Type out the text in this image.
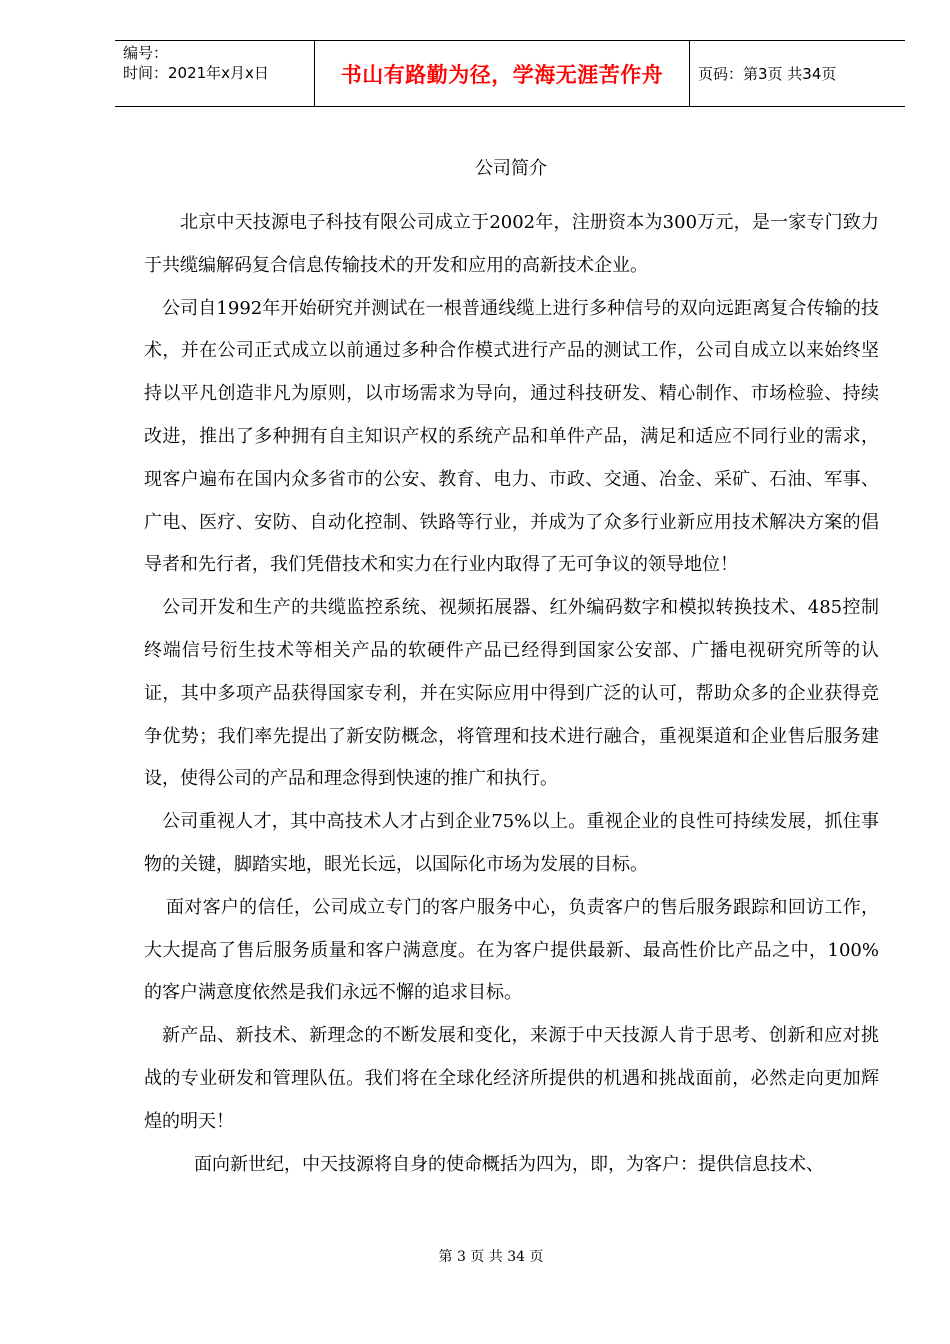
编号：
时间：2021年x月x日	书山有路勤为径，学海无涯苦作舟	页码：第3页 共34页
公司简介

北京中天技源电子科技有限公司成立于2002年，注册资本为300万元，是一家专门致力于共缆编解码复合信息传输技术的开发和应用的高新技术企业。

公司自1992年开始研究并测试在一根普通线缆上进行多种信号的双向远距离复合传输的技术，并在公司正式成立以前通过多种合作模式进行产品的测试工作，公司自成立以来始终坚持以平凡创造非凡为原则，以市场需求为导向，通过科技研发、精心制作、市场检验、持续改进，推出了多种拥有自主知识产权的系统产品和单件产品，满足和适应不同行业的需求，现客户遍布在国内众多省市的公安、教育、电力、市政、交通、冶金、采矿、石油、军事、广电、医疗、安防、自动化控制、铁路等行业，并成为了众多行业新应用技术解决方案的倡导者和先行者，我们凭借技术和实力在行业内取得了无可争议的领导地位！

公司开发和生产的共缆监控系统、视频拓展器、红外编码数字和模拟转换技术、485控制终端信号衍生技术等相关产品的软硬件产品已经得到国家公安部、广播电视研究所等的认证，其中多项产品获得国家专利，并在实际应用中得到广泛的认可，帮助众多的企业获得竞争优势；我们率先提出了新安防概念，将管理和技术进行融合，重视渠道和企业售后服务建设，使得公司的产品和理念得到快速的推广和执行。

公司重视人才，其中高技术人才占到企业75%以上。重视企业的良性可持续发展，抓住事物的关键，脚踏实地，眼光长远，以国际化市场为发展的目标。

面对客户的信任，公司成立专门的客户服务中心，负责客户的售后服务跟踪和回访工作，大大提高了售后服务质量和客户满意度。在为客户提供最新、最高性价比产品之中，100%的客户满意度依然是我们永远不懈的追求目标。

新产品、新技术、新理念的不断发展和变化，来源于中天技源人肯于思考、创新和应对挑战的专业研发和管理队伍。我们将在全球化经济所提供的机遇和挑战面前，必然走向更加辉煌的明天！

面向新世纪，中天技源将自身的使命概括为四为，即，为客户：提供信息技术、

第 3 页 共 34 页
